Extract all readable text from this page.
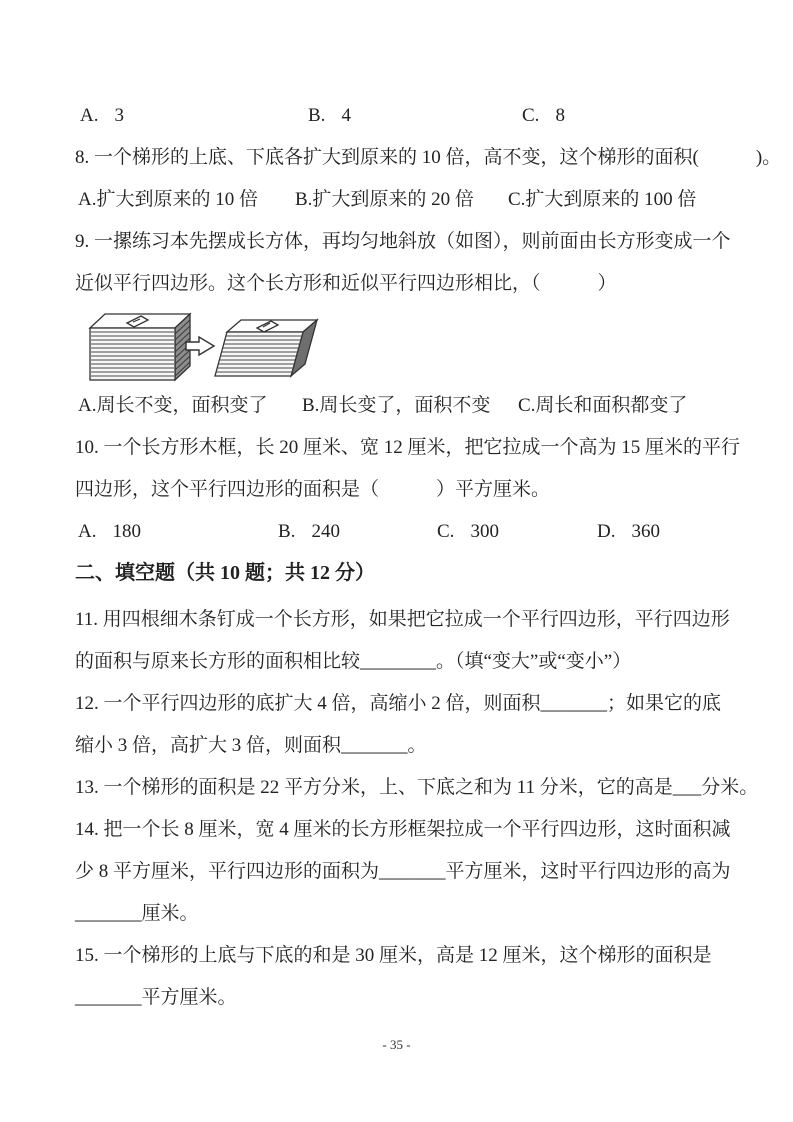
A. 3	B. 4	C. 8
8. 一个梯形的上底、下底各扩大到原来的 10 倍，高不变，这个梯形的面积(　　　)。
A.扩大到原来的 10 倍 B.扩大到原来的 20 倍 C.扩大到原来的 100 倍
9. 一摞练习本先摆成长方体，再均匀地斜放（如图），则前面由长方形变成一个
近似平行四边形。这个长方形和近似平行四边形相比，（　　　）
A.周长不变，面积变了 B.周长变了，面积不变 C.周长和面积都变了
10. 一个长方形木框，长 20 厘米、宽 12 厘米，把它拉成一个高为 15 厘米的平行
四边形，这个平行四边形的面积是（　　　）平方厘米。
A. 180	B. 240	C. 300	D. 360
二、填空题（共 10 题；共 12 分）
11. 用四根细木条钉成一个长方形，如果把它拉成一个平行四边形，平行四边形
的面积与原来长方形的面积相比较________。（填“变大”或“变小”）
12. 一个平行四边形的底扩大 4 倍，高缩小 2 倍，则面积_______；如果它的底
缩小 3 倍，高扩大 3 倍，则面积_______。
13. 一个梯形的面积是 22 平方分米，上、下底之和为 11 分米，它的高是___分米。
14. 把一个长 8 厘米，宽 4 厘米的长方形框架拉成一个平行四边形，这时面积减
少 8 平方厘米，平行四边形的面积为_______平方厘米，这时平行四边形的高为
_______厘米。
15. 一个梯形的上底与下底的和是 30 厘米，高是 12 厘米，这个梯形的面积是
_______平方厘米。
- 35 -
